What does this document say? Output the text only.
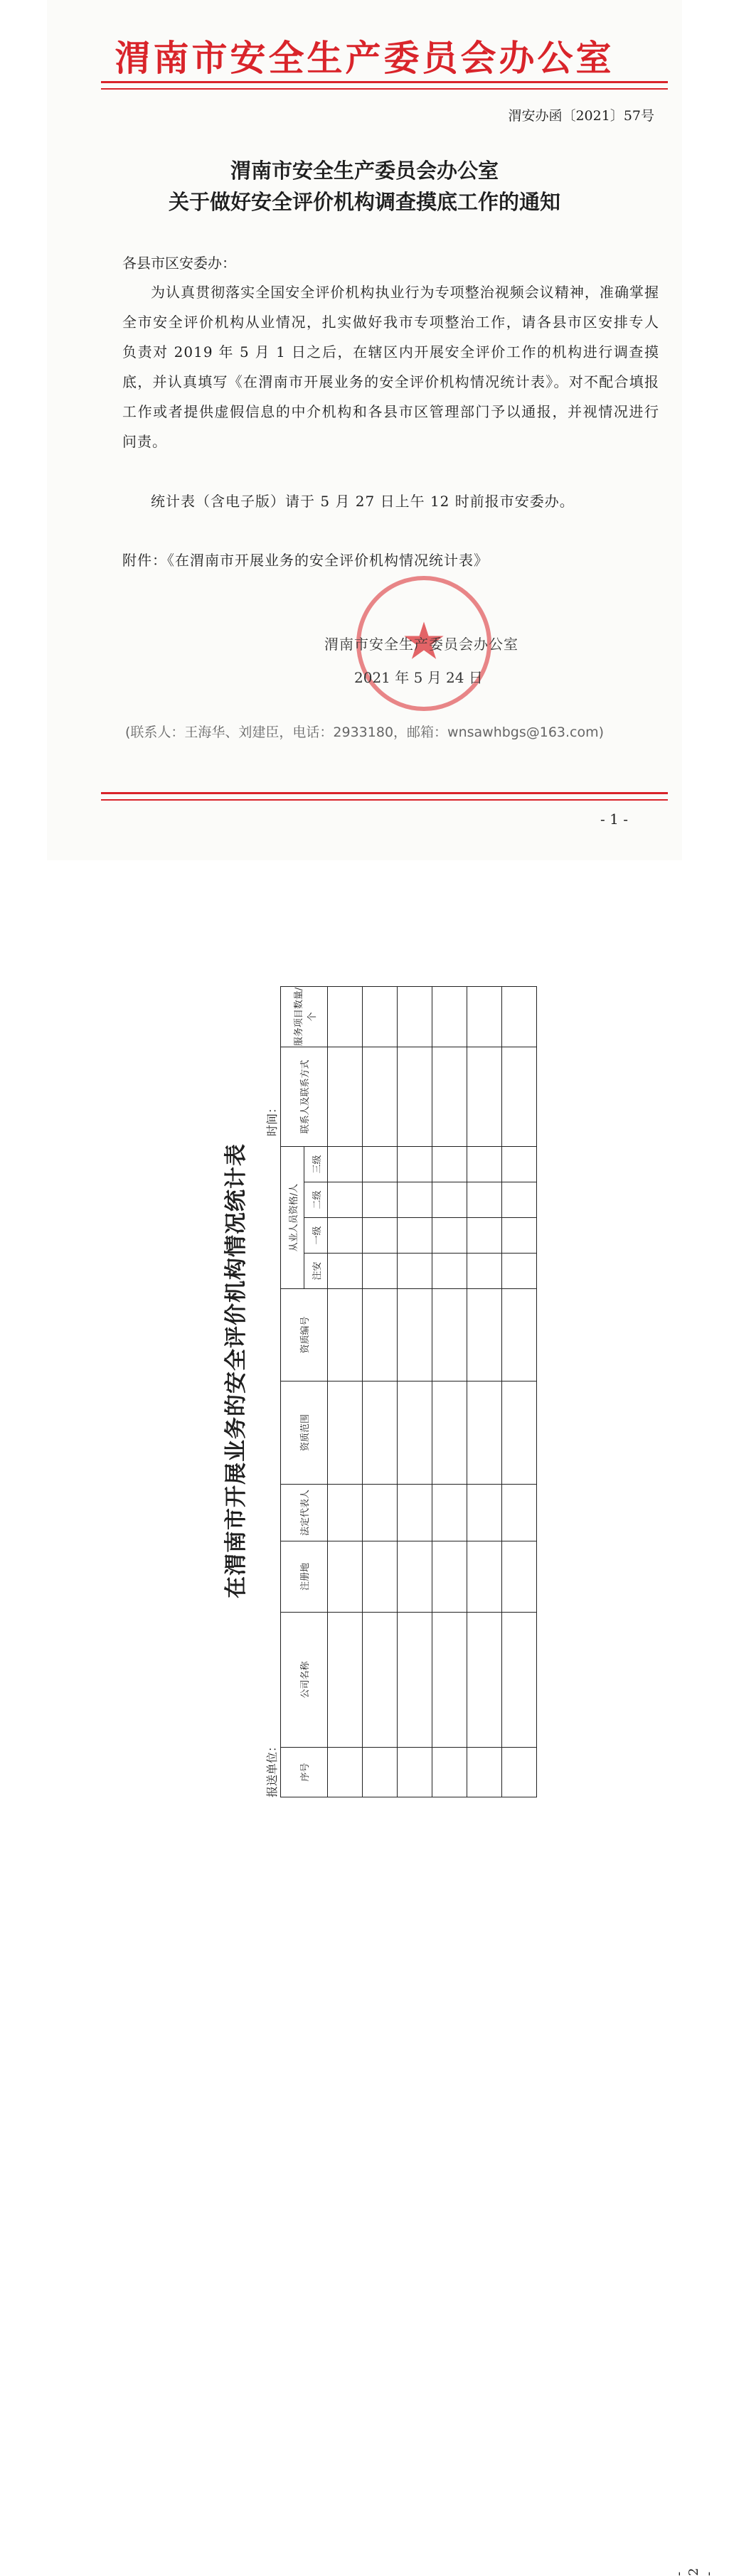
渭南市安全生产委员会办公室
渭安办函〔2021〕57号
渭南市安全生产委员会办公室
关于做好安全评价机构调查摸底工作的通知
各县市区安委办：
为认真贯彻落实全国安全评价机构执业行为专项整治视频会议精神，准确掌握全市安全评价机构从业情况，扎实做好我市专项整治工作，请各县市区安排专人负责对 2019 年 5 月 1 日之后，在辖区内开展安全评价工作的机构进行调查摸底，并认真填写《在渭南市开展业务的安全评价机构情况统计表》。对不配合填报工作或者提供虚假信息的中介机构和各县市区管理部门予以通报，并视情况进行问责。
统计表（含电子版）请于 5 月 27 日上午 12 时前报市安委办。
附件：《在渭南市开展业务的安全评价机构情况统计表》
★
渭南市安全生产委员会办公室
2021 年 5 月 24 日
(联系人：王海华、刘建臣，电话：2933180，邮箱：wnsawhbgs@163.com)
- 1 -
在渭南市开展业务的安全评价机构情况统计表
报送单位：
时间：
序号	公司名称	注册地	法定代表人	资质范围	资质编号	从业人员资格/人				联系人及联系方式	服务项目数量/个
						注安	一级	二级	三级		

- 2 -
